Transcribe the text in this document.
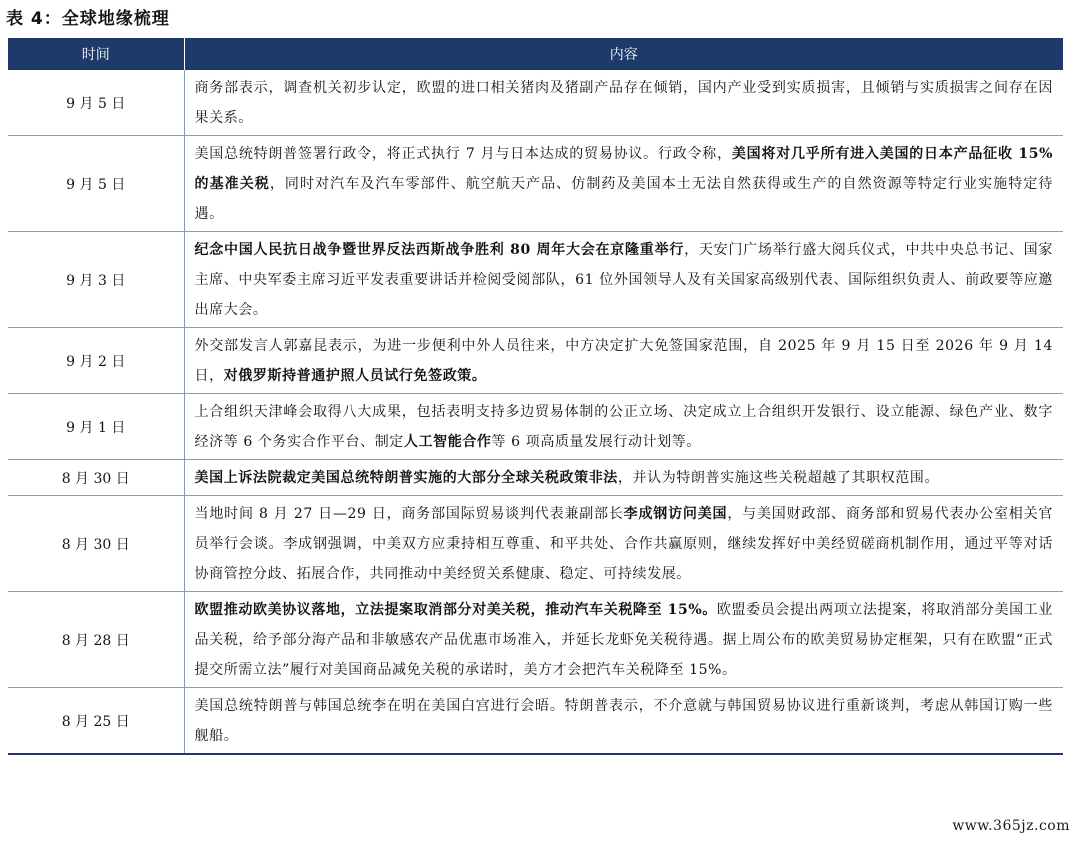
表 4：全球地缘梳理
时间	内容
9 月 5 日	商务部表示，调查机关初步认定，欧盟的进口相关猪肉及猪副产品存在倾销，国内产业受到实质损害，且倾销与实质损害之间存在因果关系。
9 月 5 日	美国总统特朗普签署行政令，将正式执行 7 月与日本达成的贸易协议。行政令称，美国将对几乎所有进入美国的日本产品征收 15%的基准关税，同时对汽车及汽车零部件、航空航天产品、仿制药及美国本土无法自然获得或生产的自然资源等特定行业实施特定待遇。
9 月 3 日	纪念中国人民抗日战争暨世界反法西斯战争胜利 80 周年大会在京隆重举行，天安门广场举行盛大阅兵仪式，中共中央总书记、国家主席、中央军委主席习近平发表重要讲话并检阅受阅部队，61 位外国领导人及有关国家高级别代表、国际组织负责人、前政要等应邀出席大会。
9 月 2 日	外交部发言人郭嘉昆表示，为进一步便利中外人员往来，中方决定扩大免签国家范围，自 2025 年 9 月 15 日至 2026 年 9 月 14 日，对俄罗斯持普通护照人员试行免签政策。
9 月 1 日	上合组织天津峰会取得八大成果，包括表明支持多边贸易体制的公正立场、决定成立上合组织开发银行、设立能源、绿色产业、数字经济等 6 个务实合作平台、制定人工智能合作等 6 项高质量发展行动计划等。
8 月 30 日	美国上诉法院裁定美国总统特朗普实施的大部分全球关税政策非法，并认为特朗普实施这些关税超越了其职权范围。
8 月 30 日	当地时间 8 月 27 日—29 日，商务部国际贸易谈判代表兼副部长李成钢访问美国，与美国财政部、商务部和贸易代表办公室相关官员举行会谈。李成钢强调，中美双方应秉持相互尊重、和平共处、合作共赢原则，继续发挥好中美经贸磋商机制作用，通过平等对话协商管控分歧、拓展合作，共同推动中美经贸关系健康、稳定、可持续发展。
8 月 28 日	欧盟推动欧美协议落地，立法提案取消部分对美关税，推动汽车关税降至 15%。欧盟委员会提出两项立法提案，将取消部分美国工业品关税，给予部分海产品和非敏感农产品优惠市场准入，并延长龙虾免关税待遇。据上周公布的欧美贸易协定框架，只有在欧盟“正式提交所需立法”履行对美国商品减免关税的承诺时，美方才会把汽车关税降至 15%。
8 月 25 日	美国总统特朗普与韩国总统李在明在美国白宫进行会晤。特朗普表示，不介意就与韩国贸易协议进行重新谈判，考虑从韩国订购一些舰船。
www.365jz.com
